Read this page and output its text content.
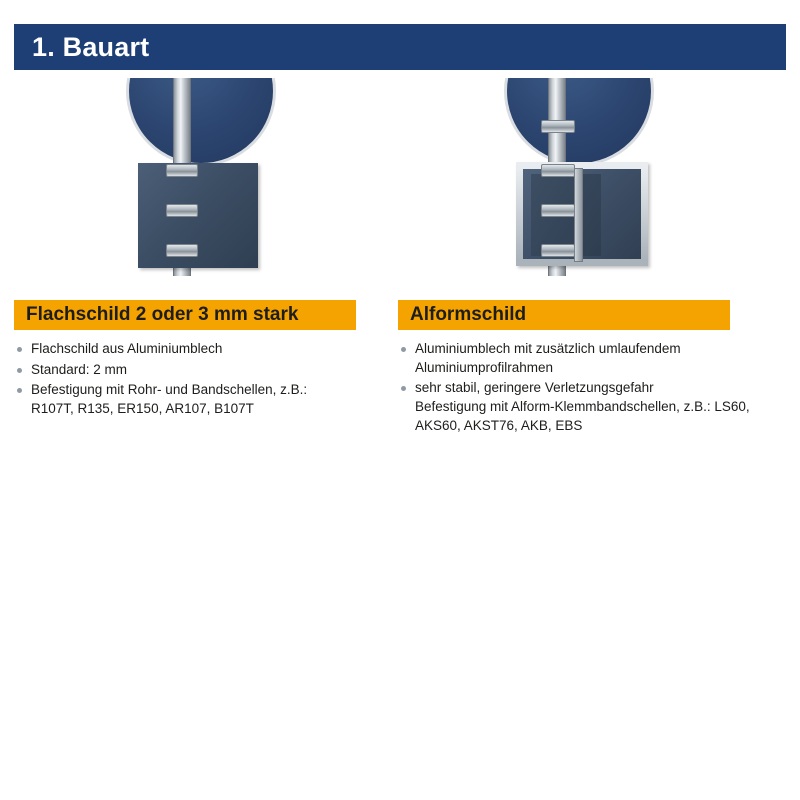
1. Bauart
Flachschild 2 oder 3 mm stark
Flachschild aus Aluminiumblech
Standard: 2 mm
Befestigung mit Rohr- und Bandschellen, z.B.:
R107T, R135, ER150, AR107, B107T
Alformschild
Aluminiumblech mit zusätzlich umlaufendem
Aluminiumprofilrahmen
sehr stabil, geringere Verletzungsgefahr
Befestigung mit Alform-Klemmbandschellen, z.B.: LS60, AKS60, AKST76, AKB, EBS
